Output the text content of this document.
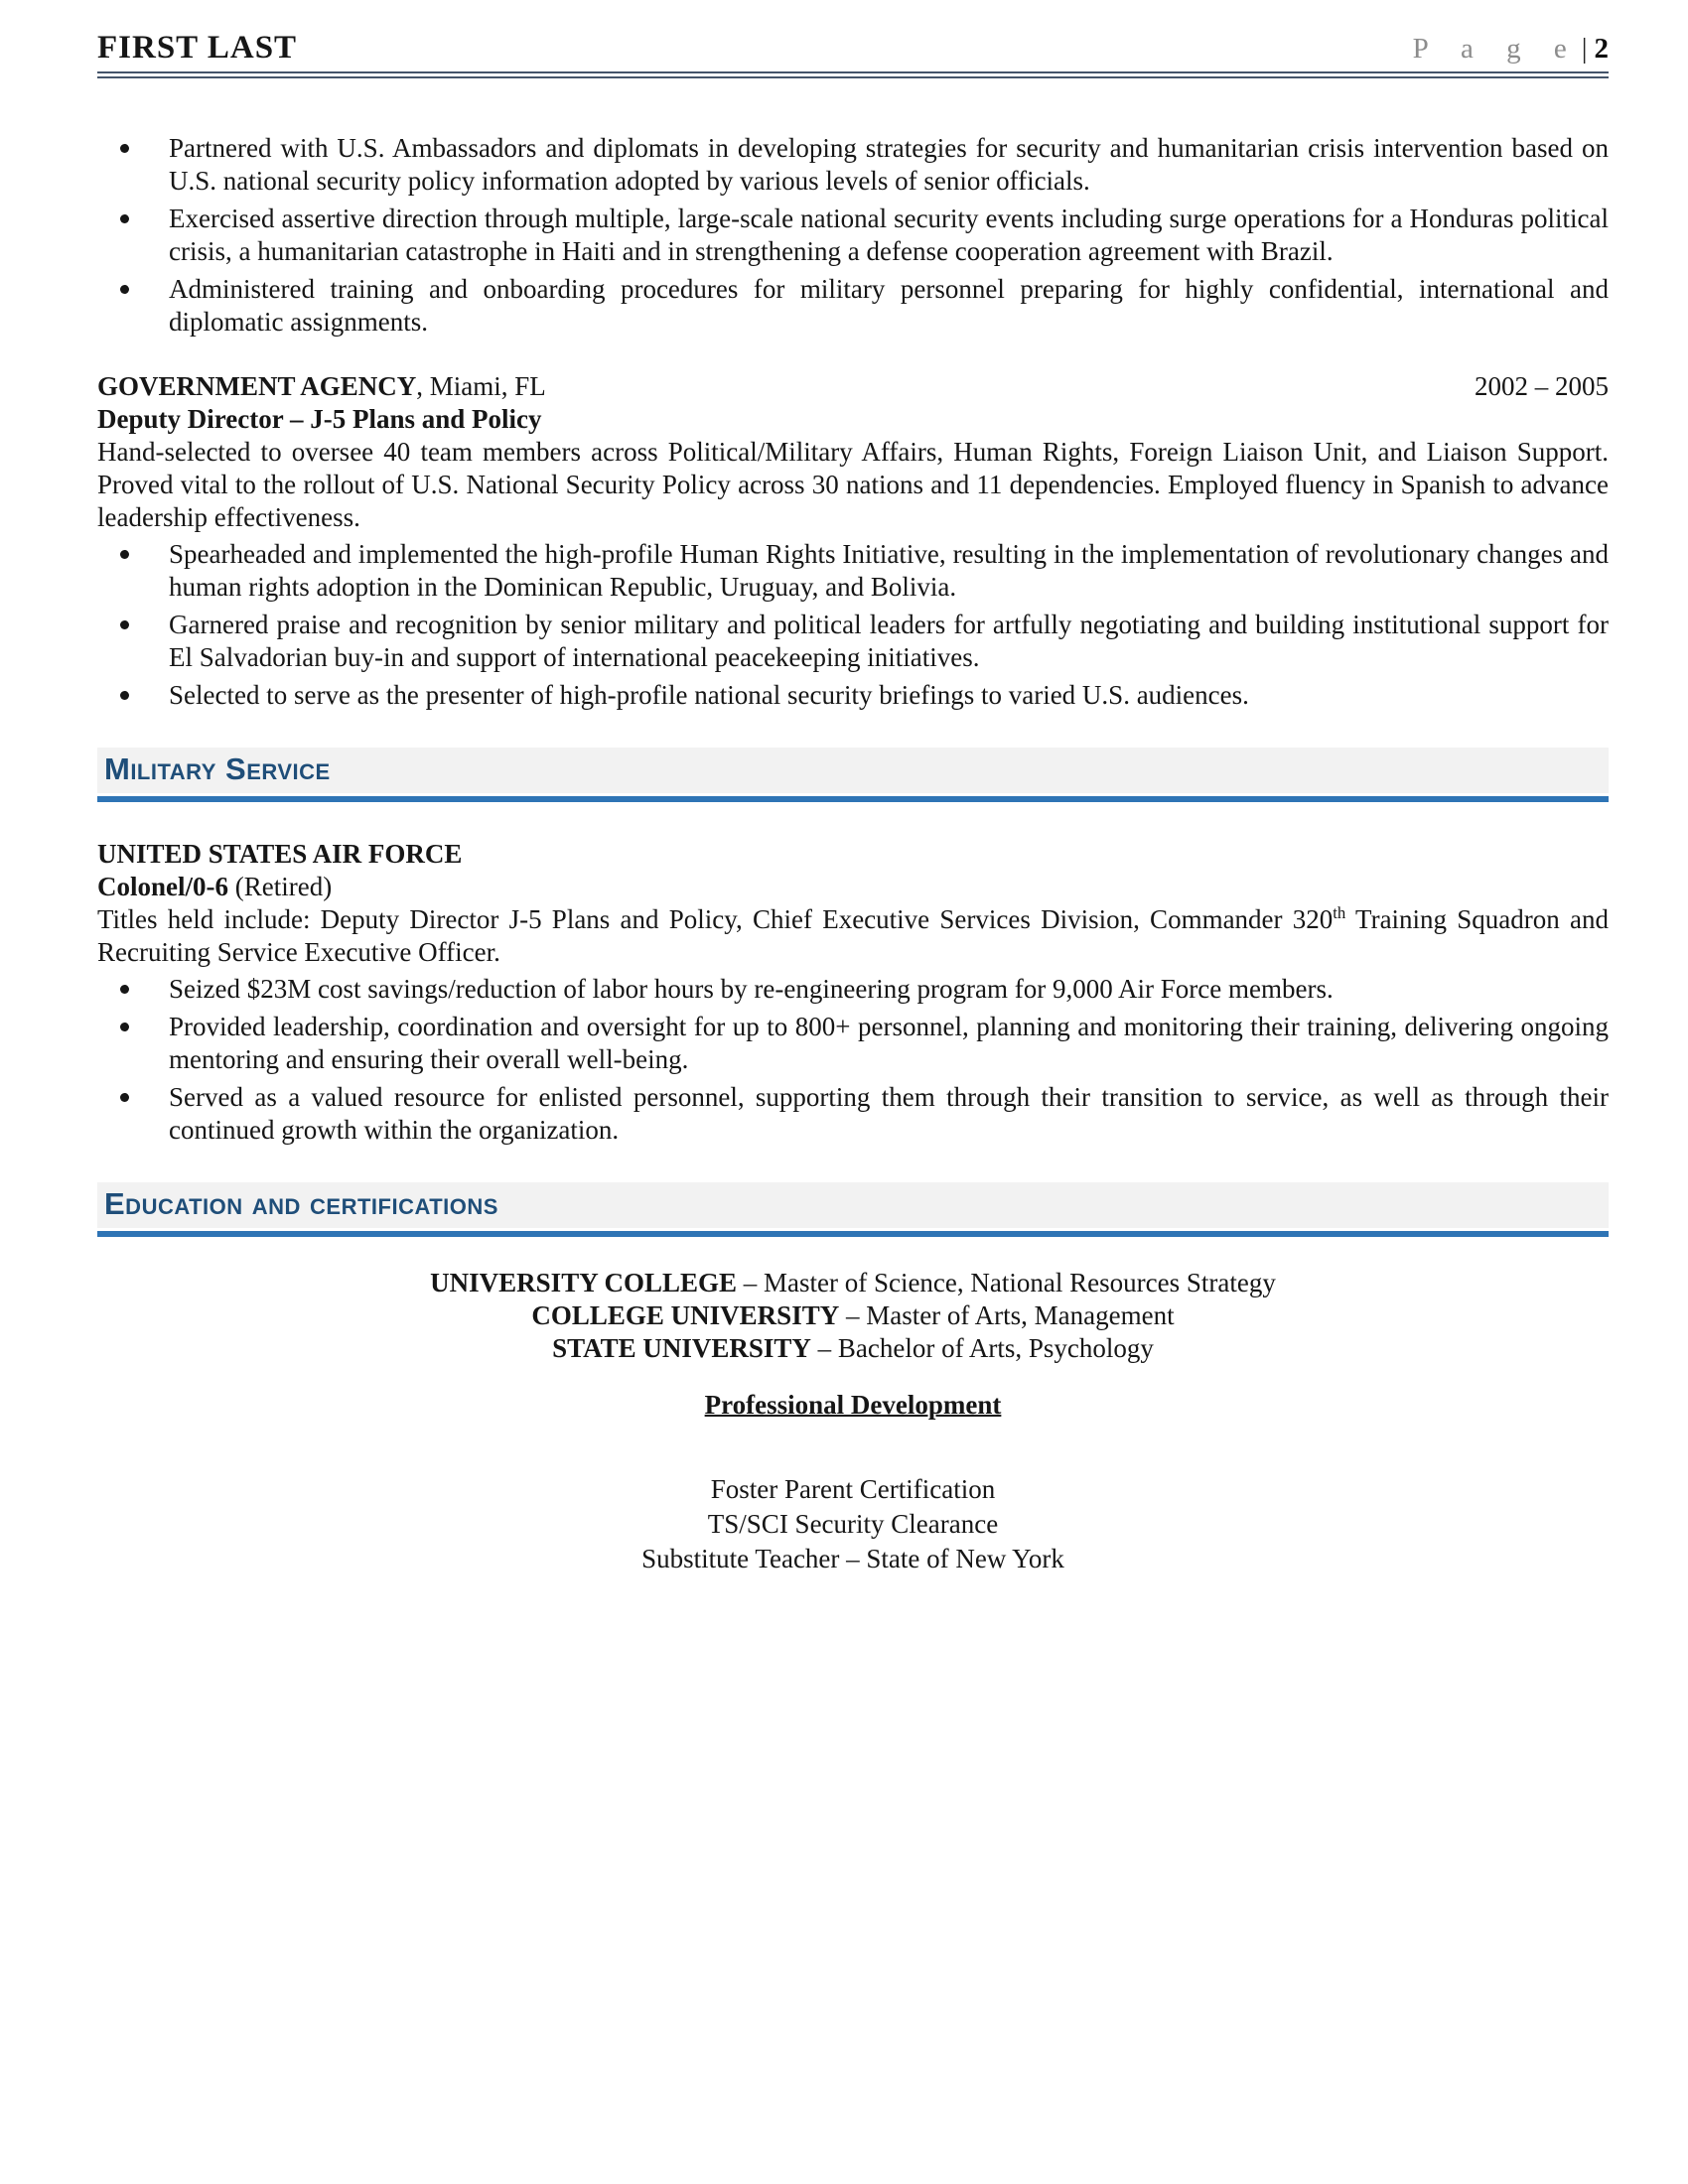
FIRST LAST	P a g e| 2
Partnered with U.S. Ambassadors and diplomats in developing strategies for security and humanitarian crisis intervention based on U.S. national security policy information adopted by various levels of senior officials.
Exercised assertive direction through multiple, large-scale national security events including surge operations for a Honduras political crisis, a humanitarian catastrophe in Haiti and in strengthening a defense cooperation agreement with Brazil.
Administered training and onboarding procedures for military personnel preparing for highly confidential, international and diplomatic assignments.
GOVERNMENT AGENCY, Miami, FL	2002 – 2005
Deputy Director – J-5 Plans and Policy

Hand-selected to oversee 40 team members across Political/Military Affairs, Human Rights, Foreign Liaison Unit, and Liaison Support. Proved vital to the rollout of U.S. National Security Policy across 30 nations and 11 dependencies. Employed fluency in Spanish to advance leadership effectiveness.

Spearheaded and implemented the high-profile Human Rights Initiative, resulting in the implementation of revolutionary changes and human rights adoption in the Dominican Republic, Uruguay, and Bolivia.
Garnered praise and recognition by senior military and political leaders for artfully negotiating and building institutional support for El Salvadorian buy-in and support of international peacekeeping initiatives.
Selected to serve as the presenter of high-profile national security briefings to varied U.S. audiences.
Military Service
UNITED STATES AIR FORCE
Colonel/0-6 (Retired)

Titles held include: Deputy Director J-5 Plans and Policy, Chief Executive Services Division, Commander 320th Training Squadron and Recruiting Service Executive Officer.

Seized $23M cost savings/reduction of labor hours by re-engineering program for 9,000 Air Force members.
Provided leadership, coordination and oversight for up to 800+ personnel, planning and monitoring their training, delivering ongoing mentoring and ensuring their overall well-being.
Served as a valued resource for enlisted personnel, supporting them through their transition to service, as well as through their continued growth within the organization.
Education and certifications

UNIVERSITY COLLEGE – Master of Science, National Resources Strategy

COLLEGE UNIVERSITY – Master of Arts, Management

STATE UNIVERSITY – Bachelor of Arts, Psychology

Professional Development

Foster Parent Certification

TS/SCI Security Clearance

Substitute Teacher – State of New York
